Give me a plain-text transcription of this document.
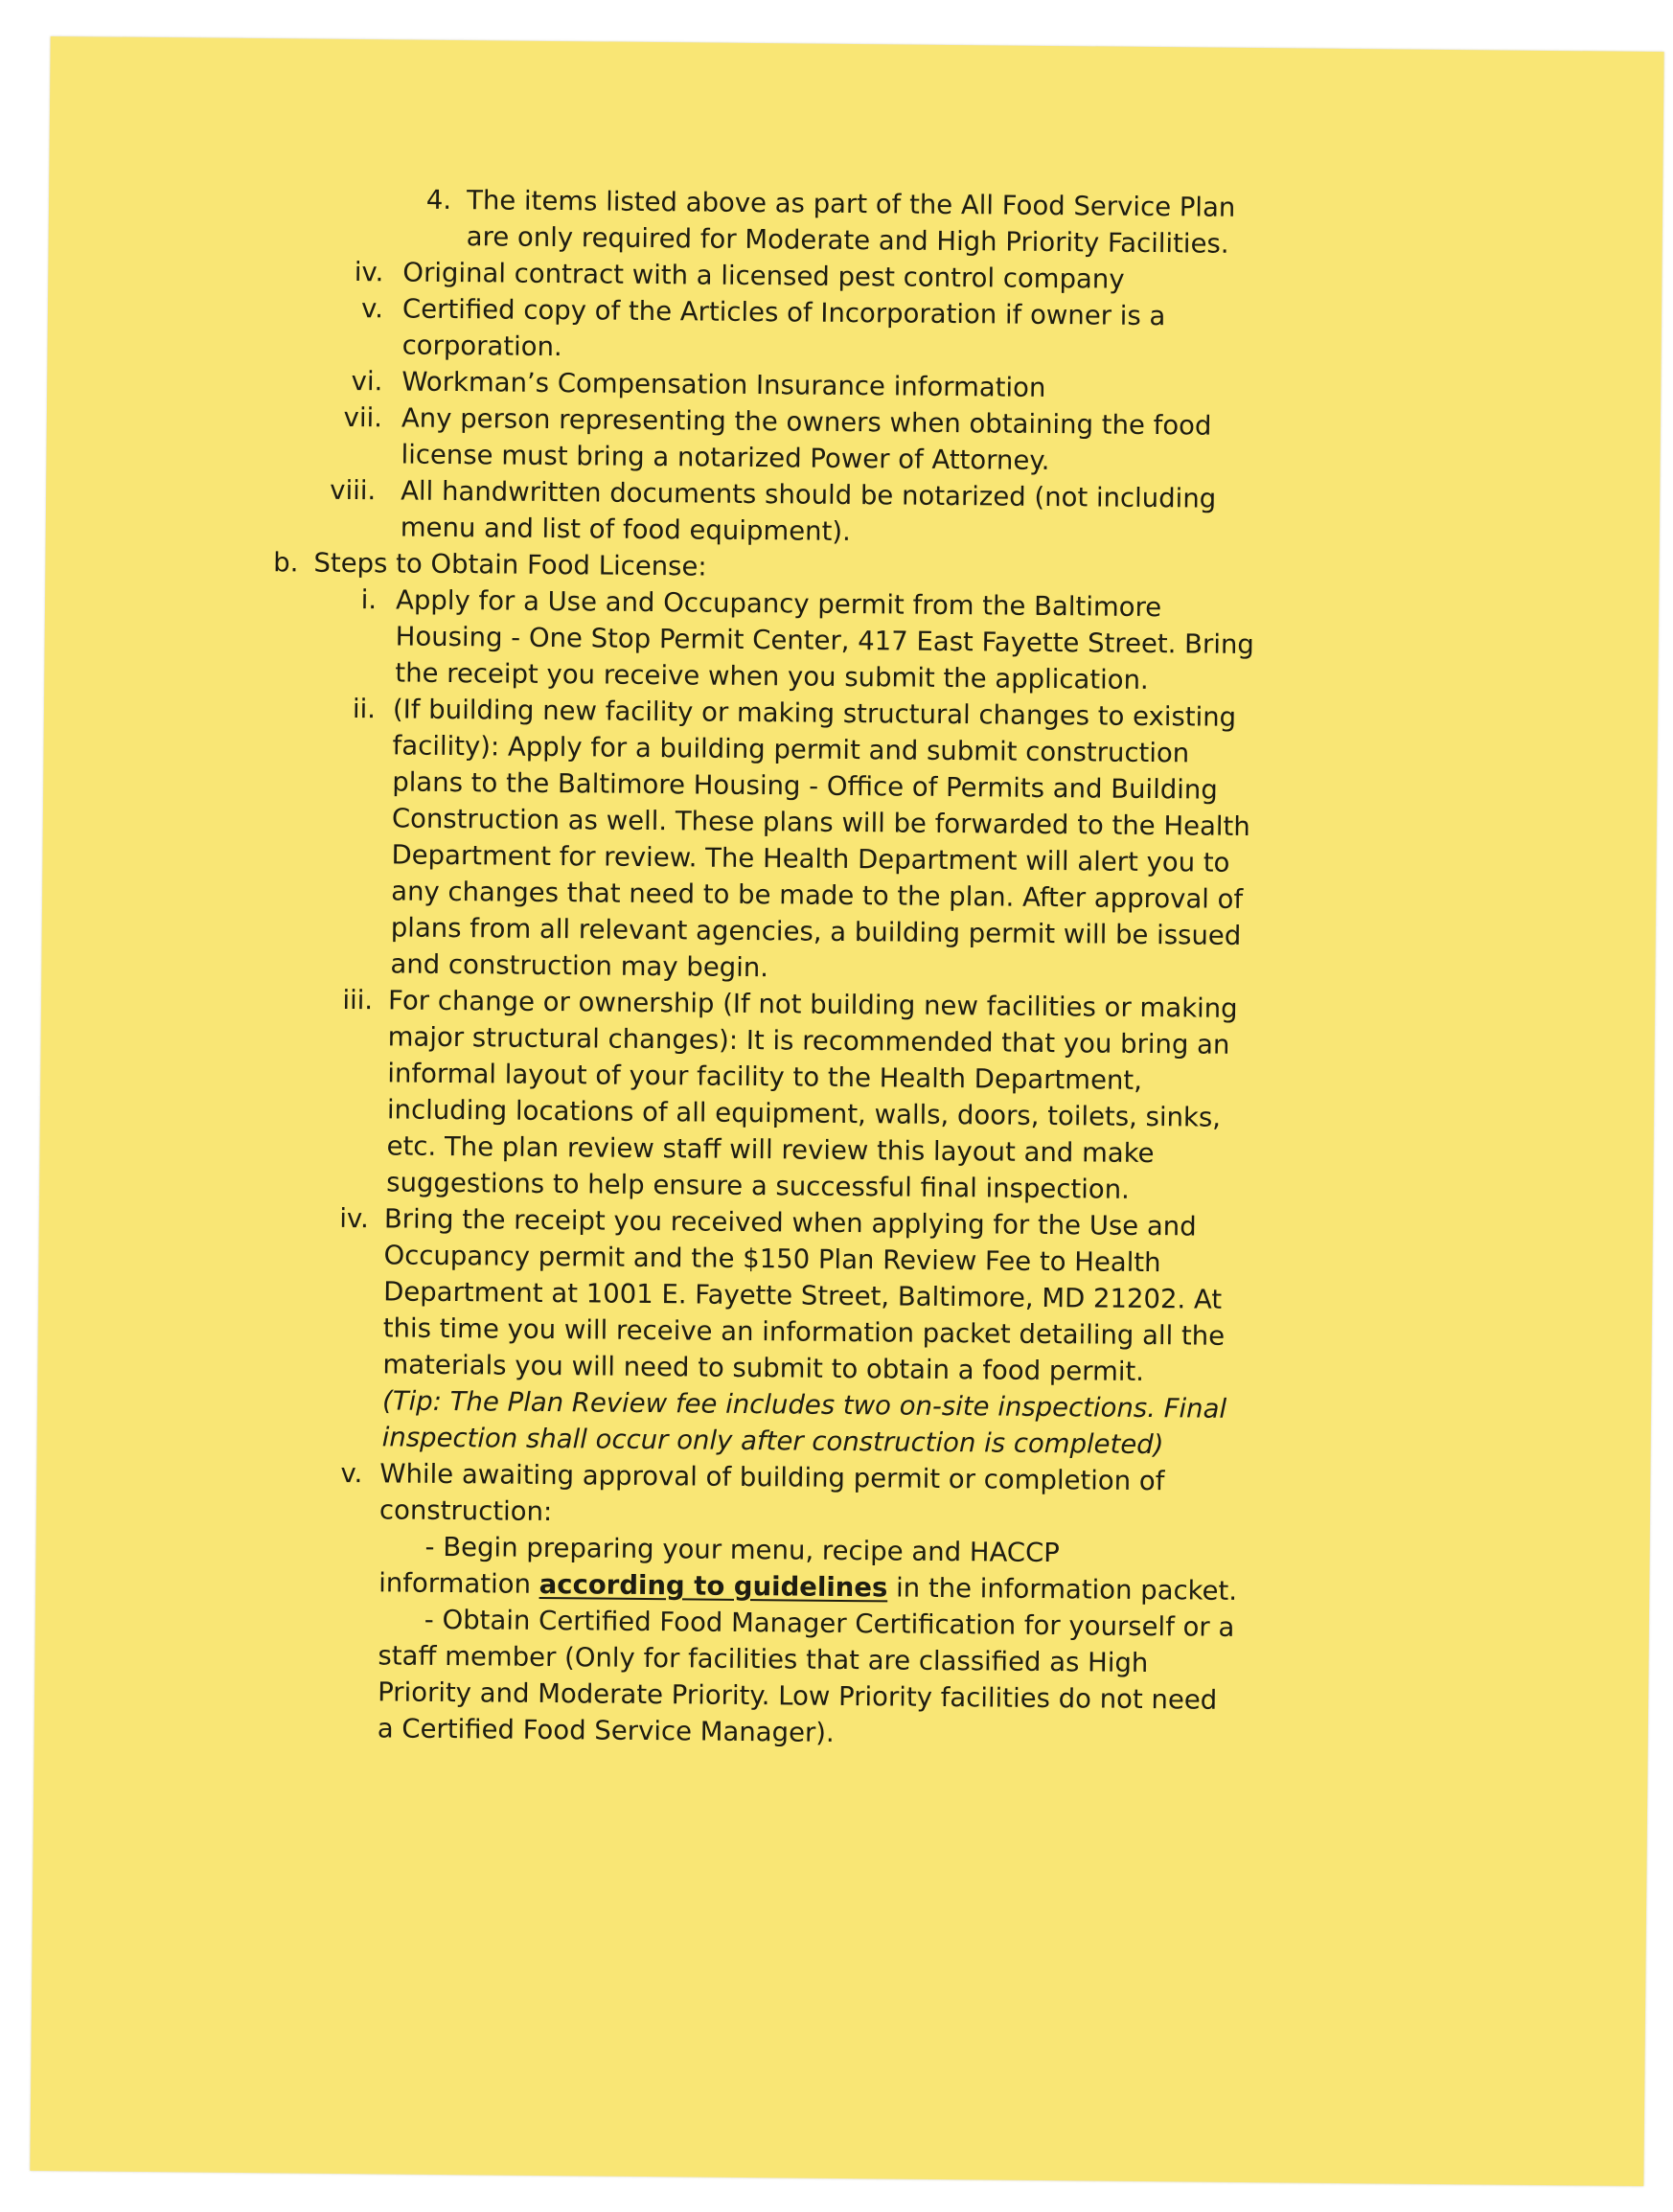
4. The items listed above as part of the All Food Service Plan
are only required for Moderate and High Priority Facilities.
iv. Original contract with a licensed pest control company
v. Certified copy of the Articles of Incorporation if owner is a
corporation.
vi. Workman’s Compensation Insurance information
vii. Any person representing the owners when obtaining the food
license must bring a notarized Power of Attorney.
viii. All handwritten documents should be notarized (not including
menu and list of food equipment).
b. Steps to Obtain Food License:
i. Apply for a Use and Occupancy permit from the Baltimore
Housing - One Stop Permit Center, 417 East Fayette Street. Bring
the receipt you receive when you submit the application.
ii. (If building new facility or making structural changes to existing
facility): Apply for a building permit and submit construction
plans to the Baltimore Housing - Office of Permits and Building
Construction as well. These plans will be forwarded to the Health
Department for review. The Health Department will alert you to
any changes that need to be made to the plan. After approval of
plans from all relevant agencies, a building permit will be issued
and construction may begin.
iii. For change or ownership (If not building new facilities or making
major structural changes): It is recommended that you bring an
informal layout of your facility to the Health Department,
including locations of all equipment, walls, doors, toilets, sinks,
etc. The plan review staff will review this layout and make
suggestions to help ensure a successful final inspection.
iv. Bring the receipt you received when applying for the Use and
Occupancy permit and the $150 Plan Review Fee to Health
Department at 1001 E. Fayette Street, Baltimore, MD 21202. At
this time you will receive an information packet detailing all the
materials you will need to submit to obtain a food permit.
(Tip: The Plan Review fee includes two on-site inspections. Final
inspection shall occur only after construction is completed)
v. While awaiting approval of building permit or completion of
construction:
- Begin preparing your menu, recipe and HACCP
information according to guidelines in the information packet.
- Obtain Certified Food Manager Certification for yourself or a
staff member (Only for facilities that are classified as High
Priority and Moderate Priority. Low Priority facilities do not need
a Certified Food Service Manager).
